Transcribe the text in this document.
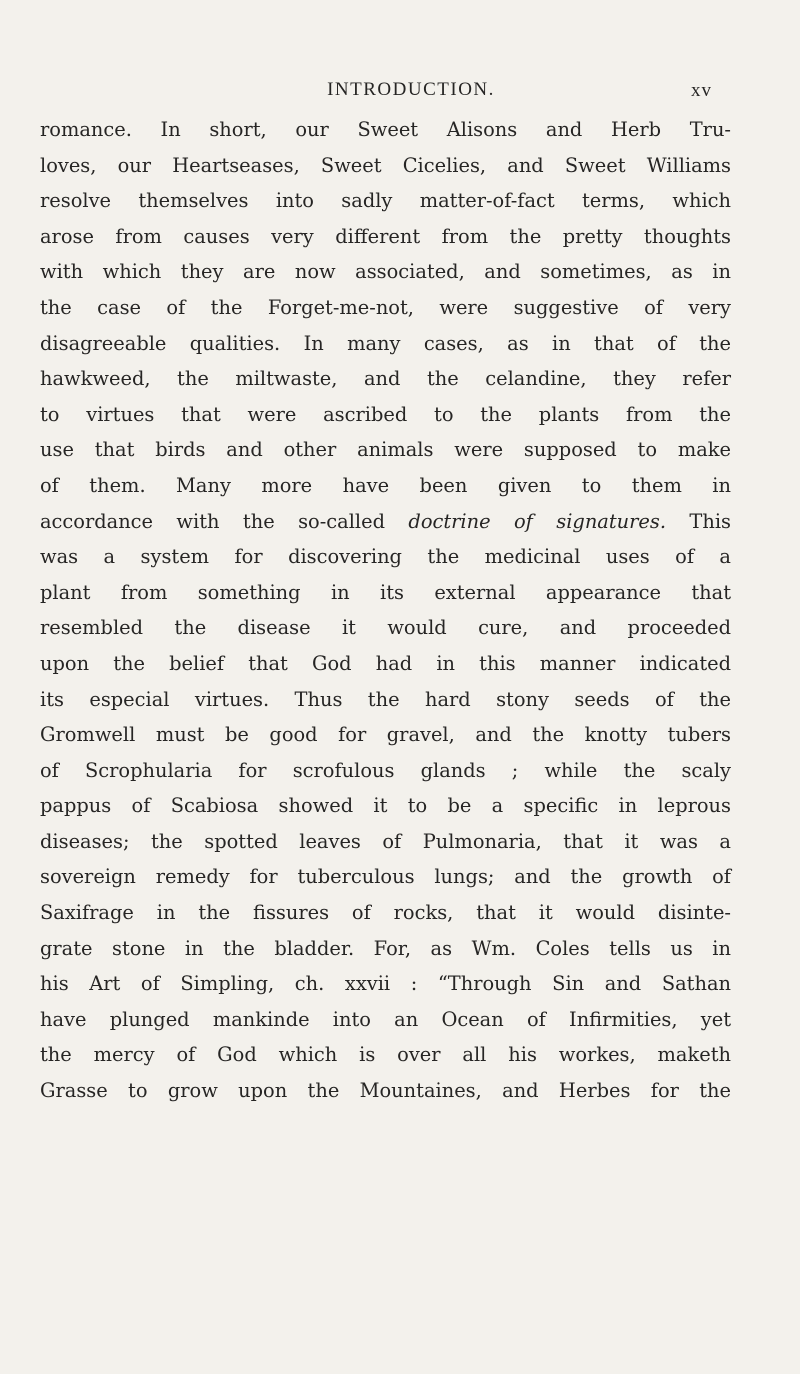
INTRODUCTION.	xv
romance. In short, our Sweet Alisons and Herb Tru-
loves, our Heartseases, Sweet Cicelies, and Sweet Williams
resolve themselves into sadly matter-of-fact terms, which
arose from causes very different from the pretty thoughts
with which they are now associated, and sometimes, as in
the case of the Forget-me-not, were suggestive of very
disagreeable qualities. In many cases, as in that of the
hawkweed, the miltwaste, and the celandine, they refer
to virtues that were ascribed to the plants from the
use that birds and other animals were supposed to make
of them. Many more have been given to them in
accordance with the so-called doctrine of signatures. This
was a system for discovering the medicinal uses of a
plant from something in its external appearance that
resembled the disease it would cure, and proceeded
upon the belief that God had in this manner indicated
its especial virtues. Thus the hard stony seeds of the
Gromwell must be good for gravel, and the knotty tubers
of Scrophularia for scrofulous glands ; while the scaly
pappus of Scabiosa showed it to be a specific in leprous
diseases; the spotted leaves of Pulmonaria, that it was a
sovereign remedy for tuberculous lungs; and the growth of
Saxifrage in the fissures of rocks, that it would disinte-
grate stone in the bladder. For, as Wm. Coles tells us in
his Art of Simpling, ch. xxvii : “Through Sin and Sathan
have plunged mankinde into an Ocean of Infirmities, yet
the mercy of God which is over all his workes, maketh
Grasse to grow upon the Mountaines, and Herbes for the
